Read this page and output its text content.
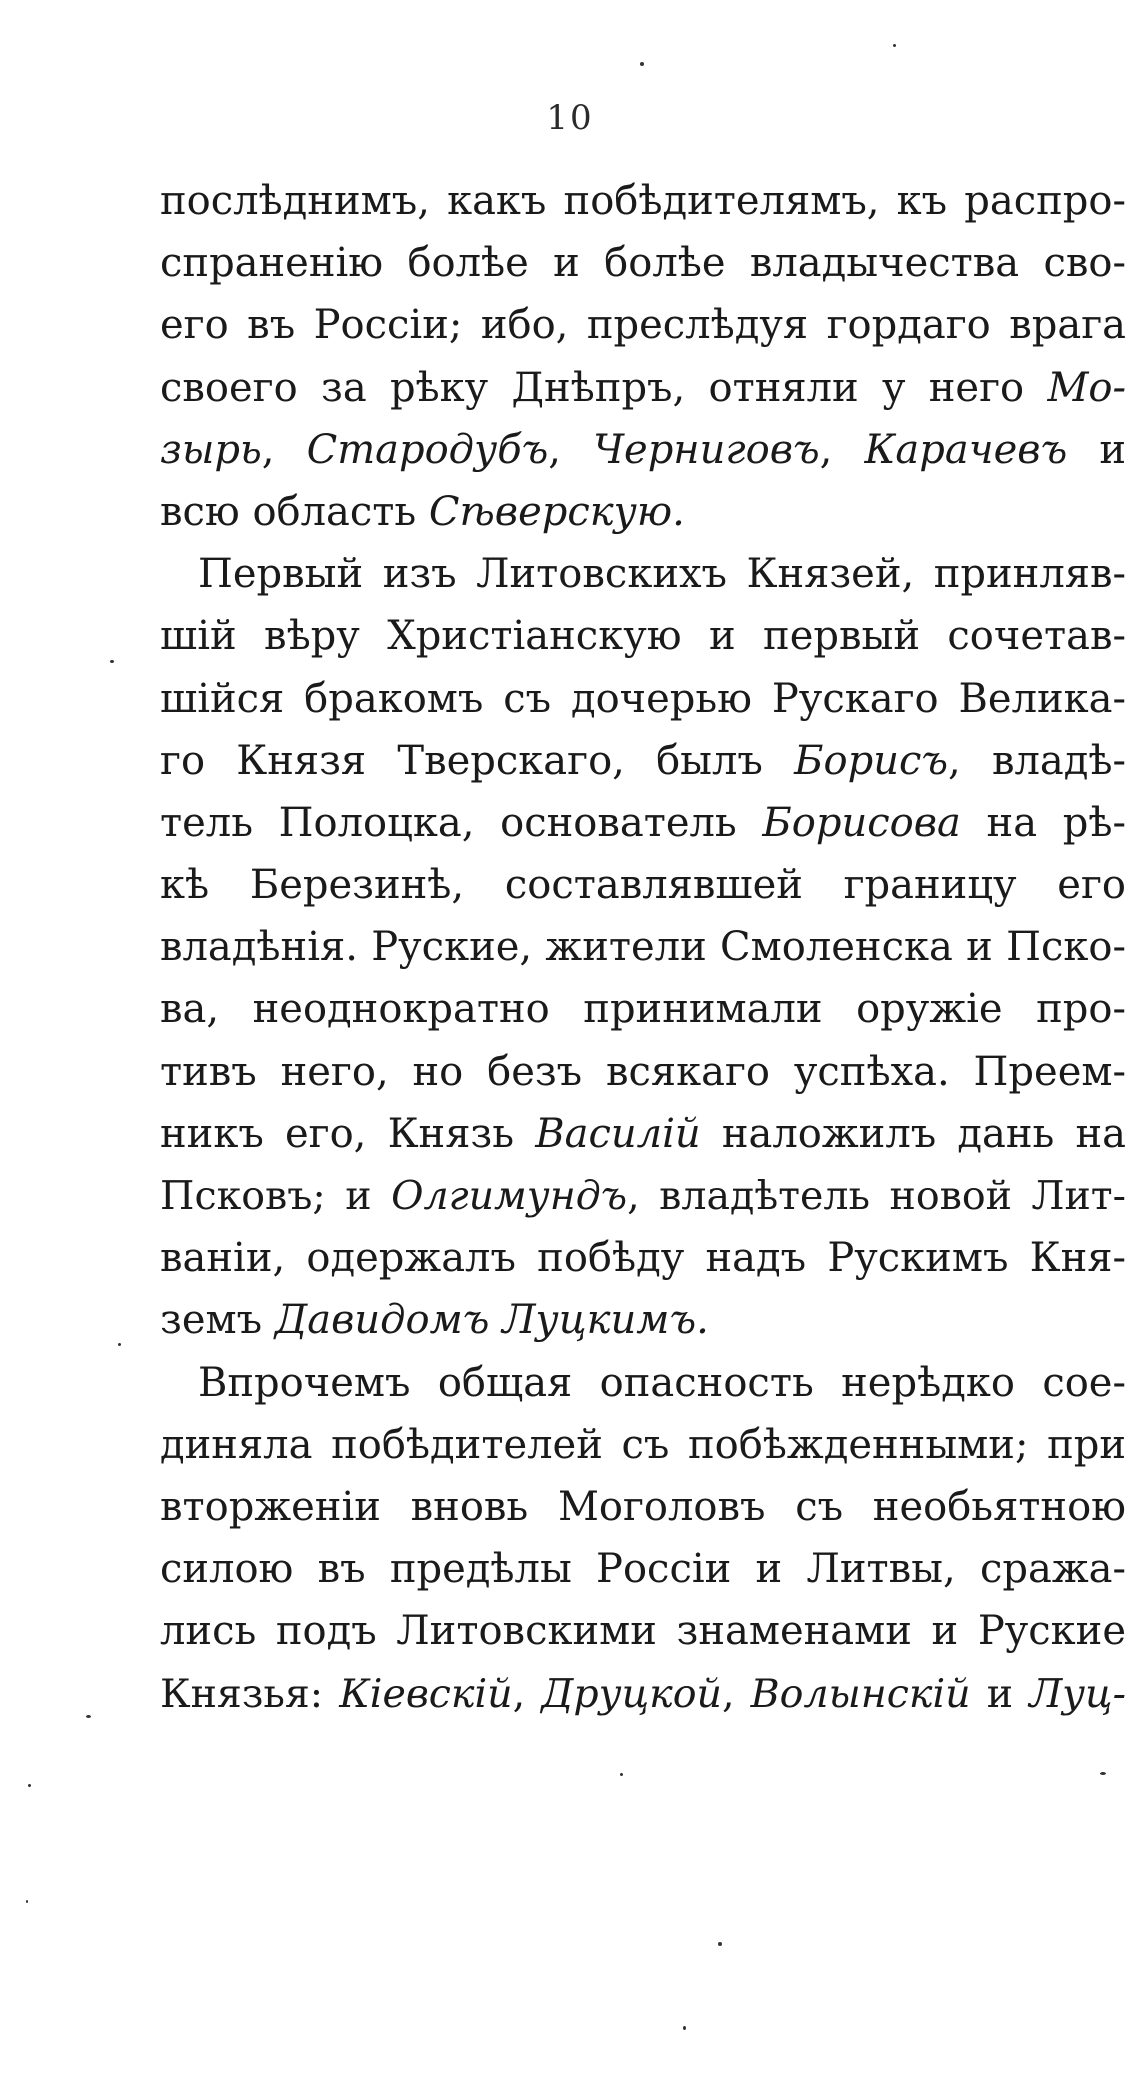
10
послѣднимъ, какъ побѣдителямъ, къ распро-
спраненію болѣе и болѣе владычества сво-
его въ Россіи; ибо, преслѣдуя гордаго врага
своего за рѣку Днѣпръ, отняли у него Мо-
зырь, Стародубъ, Черниговъ, Карачевъ и
всю область Сѣверскую.
Первый изъ Литовскихъ Князей, принляв-
шій вѣру Христіанскую и первый сочетав-
шійся бракомъ съ дочерью Рускаго Велика-
го Князя Тверскаго, былъ Борисъ, владѣ-
тель Полоцка, основатель Борисова на рѣ-
кѣ Березинѣ, составлявшей границу его
владѣнія. Руские, жители Смоленска и Пско-
ва, неоднократно принимали оружіе про-
тивъ него, но безъ всякаго успѣха. Преем-
никъ его, Князь Василій наложилъ дань на
Псковъ; и Олгимундъ, владѣтель новой Лит-
ваніи, одержалъ побѣду надъ Рускимъ Кня-
земъ Давидомъ Луцкимъ.
Впрочемъ общая опасность нерѣдко сое-
диняла побѣдителей съ побѣжденными; при
вторженіи вновь Моголовъ съ необьятною
силою въ предѣлы Россіи и Литвы, сража-
лись подъ Литовскими знаменами и Руские
Князья: Кіевскій, Друцкой, Волынскій и Луц-
